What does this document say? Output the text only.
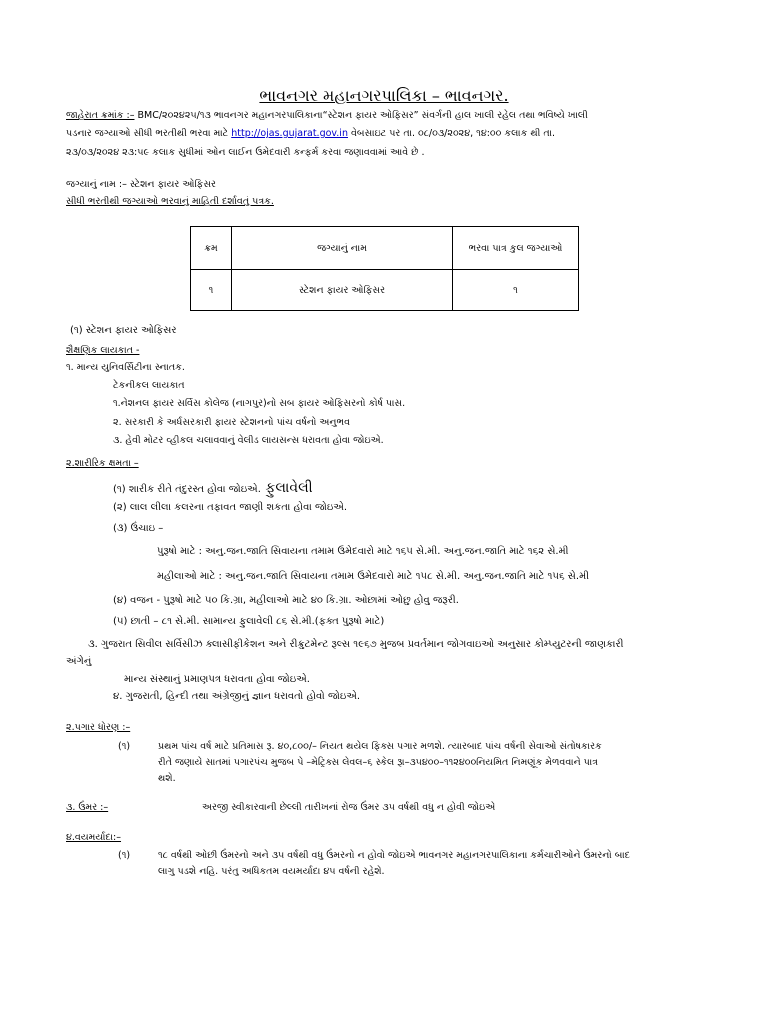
ભાવનગર મહાનગરપાલિકા – ભાવનગર.
જાહેરાત ક્રમાંક :– BMC/૨૦૨૪૨૫/૧૩ ભાવનગર મહાનગરપાલિકાના“સ્ટેશન ફાયર ઓફિસર” સંવર્ગની હાલ ખાલી રહેલ તથા ભવિષ્યે ખાલી
પડનાર જગ્યાઓ સીધી ભરતીથી ભરવા માટે http://ojas.gujarat.gov.in વેબસાઇટ પર તા. ૦૮/૦૩/૨૦૨૪, ૧૪:૦૦ કલાક થી તા.
૨૩/૦૩/૨૦૨૪ ૨૩:૫૯ કલાક સુધીમાં ઓન લાઈન ઉમેદવારી કન્ફર્મ કરવા જણાવવામાં આવે છે .
જગ્યાનું નામ :– સ્ટેશન ફાયર ઓફિસર
સીધી ભરતીથી જગ્યાઓ ભરવાનું માહિતી દર્શાવતું પત્રક.
ક્રમ	જગ્યાનું નામ	ભરવા પાત્ર કુલ જગ્યાઓ
૧	સ્ટેશન ફાયર ઓફિસર	૧
(૧) સ્ટેશન ફાયર ઓફિસર
શૈક્ષણિક લાયકાત -
૧. માન્ય યુનિવર્સિટીના સ્નાતક.
ટેકનીકલ લાયકાત
૧.નેશનલ ફાયર સર્વિસ કોલેજ (નાગપુર)નો સબ ફાયર ઓફિસરનો કોર્ષ પાસ.
૨. સરકારી કે અર્ધસરકારી ફાયર સ્ટેશનનો પાંચ વર્ષનો અનુભવ
૩. હેવી મોટર વ્હીકલ ચલાવવાનું વેલીડ લાયસન્સ ધરાવતા હોવા જોઇએ.
૨.શારીરિક ક્ષમતા –
(૧) શારીક રીતે તંદુરસ્ત હોવા જોઇએ. ફુલાવેલી
(૨) લાલ લીલા કલરના તફાવત જાણી શકતા હોવા જોઇએ.
(૩) ઉંચાઇ –
પુરૂષો માટે : અનુ.જન.જાતિ સિવાયના તમામ ઉમેદવારો માટે ૧૬૫ સે.મી. અનુ.જન.જાતિ માટે ૧૬૨ સે.મી
મહીલાઓ માટે : અનુ.જન.જાતિ સિવાયના તમામ ઉમેદવારો માટે ૧૫૮ સે.મી. અનુ.જન.જાતિ માટે ૧૫૬ સે.મી
(૪) વજન - પુરૂષો માટે ૫૦ કિ.ગ્રા, મહીલાઓ માટે ૪૦ કિ.ગ્રા. ઓછામાં ઓછુ હોવુ જરૂરી.
(૫) છાતી – ૮૧ સે.મી. સામાન્ય ફુલાવેલી ૮૬ સે.મી.(ફક્ત પુરૂષો માટે)
૩. ગુજરાત સિવીલ સર્વિસીઝ ક્લાસીફીકેશન અને રીક્રુટમેન્ટ રૂલ્સ ૧૯૬૭ મુજબ પ્રવર્તમાન જોગવાઇઓ અનુસાર કોમ્પ્યુટરની જાણકારી
અંગેનું
માન્ય સંસ્થાનું પ્રમાણપત્ર ધરાવતા હોવા જોઇએ.
૪. ગુજરાતી, હિન્દી તથા અંગ્રેજીનું જ્ઞાન ધરાવતો હોવો જોઇએ.
૨.પગાર ધોરણ :–
(૧)	પ્રથમ પાંચ વર્ષ માટે પ્રતિમાસ રૂ. ૪૦,૮૦૦/– નિયત થયેલ ફિક્સ પગાર મળશે. ત્યારબાદ પાંચ વર્ષની સેવાઓ સંતોષકારક
રીતે જણાયે સાતમાં પગારપંચ મુજબ પે –મેટ્રિક્સ લેવલ–૬ સ્કેલ રૂા–૩૫૪૦૦–૧૧૨૪૦૦નિયમિત નિમણૂંક મેળવવાને પાત્ર
થશે.
૩. ઉંમર :–	અરજી સ્વીકારવાની છેલ્લી તારીખનાં રોજ ઉંમર ૩૫ વર્ષથી વધુ ન હોવી જોઇએ
૪.વયમર્યાદા:–
(૧)	૧૮ વર્ષથી ઓછી ઉંમરનો અને ૩૫ વર્ષથી વધુ ઉંમરનો ન હોવો જોઇએ ભાવનગર મહાનગરપાલિકાના કર્મચારીઓને ઉંમરનો બાદ
લાગુ પડશે નહિ. પરંતુ અધિકતમ વયમર્યાદા ૪૫ વર્ષની રહેશે.
